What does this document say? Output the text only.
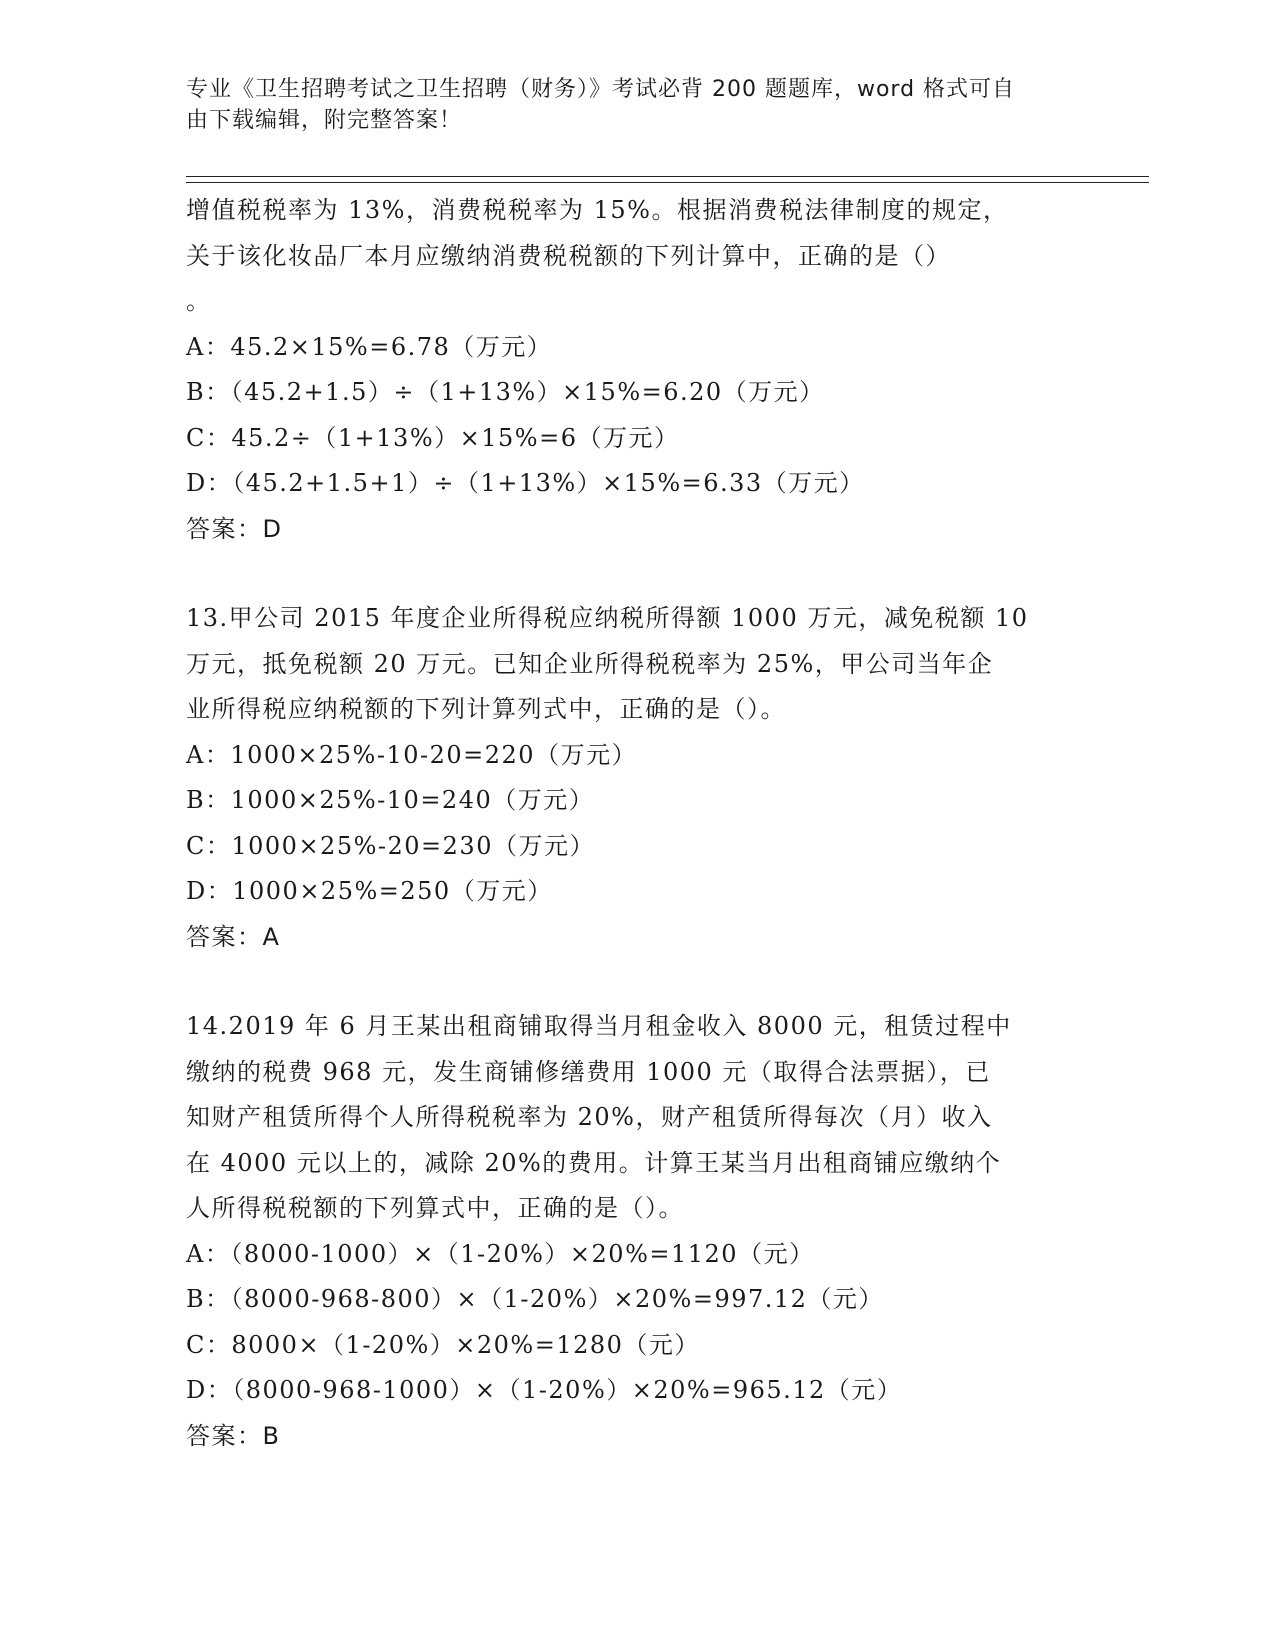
专业《卫生招聘考试之卫生招聘（财务）》考试必背 200 题题库，word 格式可自
由下载编辑，附完整答案！
增值税税率为 13%，消费税税率为 15%。根据消费税法律制度的规定，
关于该化妆品厂本月应缴纳消费税税额的下列计算中，正确的是（）
。
A：45.2×15%=6.78（万元）
B：（45.2+1.5）÷（1+13%）×15%=6.20（万元）
C：45.2÷（1+13%）×15%=6（万元）
D：（45.2+1.5+1）÷（1+13%）×15%=6.33（万元）
答案：D
13.甲公司 2015 年度企业所得税应纳税所得额 1000 万元，减免税额 10
万元，抵免税额 20 万元。已知企业所得税税率为 25%，甲公司当年企
业所得税应纳税额的下列计算列式中，正确的是（）。
A：1000×25%-10-20=220（万元）
B：1000×25%-10=240（万元）
C：1000×25%-20=230（万元）
D：1000×25%=250（万元）
答案：A
14.2019 年 6 月王某出租商铺取得当月租金收入 8000 元，租赁过程中
缴纳的税费 968 元，发生商铺修缮费用 1000 元（取得合法票据），已
知财产租赁所得个人所得税税率为 20%，财产租赁所得每次（月）收入
在 4000 元以上的，减除 20%的费用。计算王某当月出租商铺应缴纳个
人所得税税额的下列算式中，正确的是（）。
A：（8000-1000）×（1-20%）×20%=1120（元）
B：（8000-968-800）×（1-20%）×20%=997.12（元）
C：8000×（1-20%）×20%=1280（元）
D：（8000-968-1000）×（1-20%）×20%=965.12（元）
答案：B
